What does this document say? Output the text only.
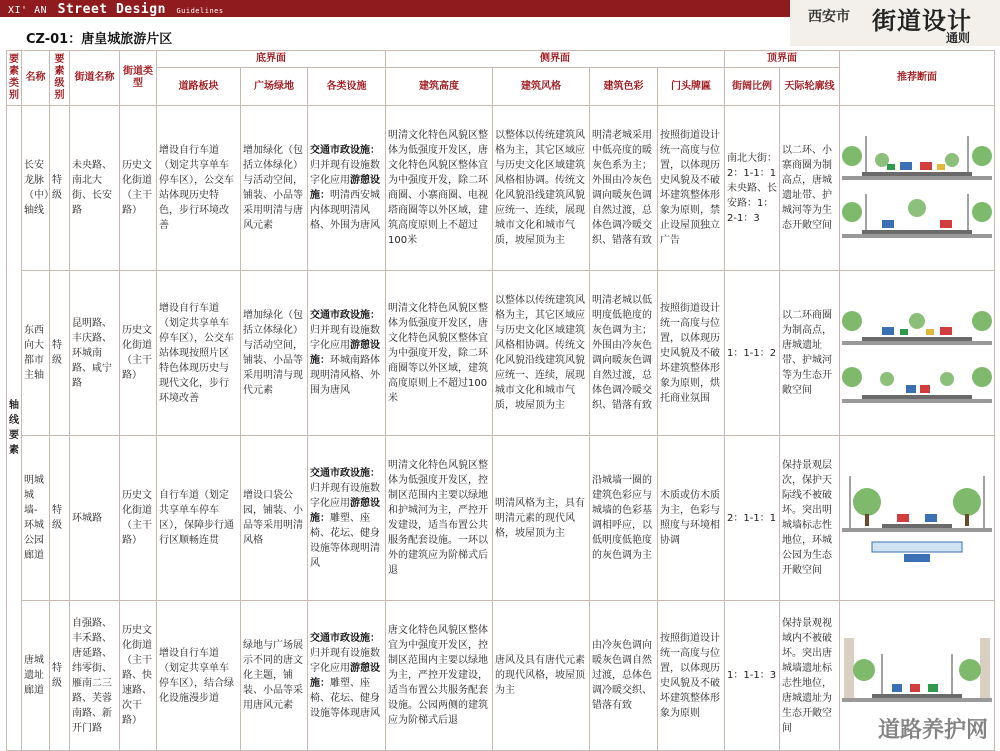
XI' AN Street Design Guidelines	西安市 街道设计
通则
CZ-01：唐皇城旅游片区
要素类别	名称	要素级别	街道名称	街道类型	底界面			侧界面				顶界面		推荐断面
					道路板块	广场绿地	各类设施	建筑高度	建筑风格	建筑色彩	门头牌匾	街阔比例	天际轮廓线	

轴线要素	长安龙脉（中）轴线	特级	未央路、南北大街、长安路	历史文化街道（主干路）	增设自行车道（划定共享单车停车区），公交车站体现历史特色，步行环境改善	增加绿化（包括立体绿化）与活动空间，铺装、小品等采用明清与唐风元素	交通市政设施：归并现有设施数字化应用游憩设施：明清西安城内体现明清风格、外围为唐风	明清文化特色风貌区整体为低强度开发区，唐文化特色风貌区整体宜为中强度开发，除二环商圈、小寨商圈、电视塔商圈等以外区域，建筑高度原则上不超过100米	以整体以传统建筑风格为主，其它区域应与历史文化区域建筑风格相协调。传统文化风貌沿线建筑风貌应统一、连续，展现城市文化和城市气质，坡屋顶为主	明清老城采用中低亮度的暖灰色系为主；外围由冷灰色调向暖灰色调自然过渡，总体色调冷暖交织、错落有致	按照街道设计统一高度与位置，以体现历史风貌及不破坏建筑整体形象为原则，禁止设屋顶独立广告	南北大街：2：1-1：1未央路、长安路：1：2-1：3	以二环、小寨商圈为制高点，唐城遗址带、护城河等为生态开敞空间	
	东西向大都市主轴	特级	昆明路、丰庆路、环城南路、咸宁路	历史文化街道（主干路）	增设自行车道（划定共享单车停车区），公交车站体现按照片区特色体现历史与现代文化，步行环境改善	增加绿化（包括立体绿化）与活动空间，铺装、小品等采用明清与现代元素	交通市政设施：归并现有设施数字化应用游憩设施：环城南路体现明清风格、外围为唐风	明清文化特色风貌区整体为低强度开发区，唐文化特色风貌区整体宜为中强度开发，除二环商圈等以外区域，建筑高度原则上不超过100米	以整体以传统建筑风格为主，其它区域应与历史文化区域建筑风格相协调。传统文化风貌沿线建筑风貌应统一、连续，展现城市文化和城市气质，坡屋顶为主	明清老城以低明度低艳度的灰色调为主；外围由冷灰色调向暖灰色调自然过渡，总体色调冷暖交织、错落有致	按照街道设计统一高度与位置，以体现历史风貌及不破坏建筑整体形象为原则，烘托商业氛围	1：1-1：2	以二环商圈为制高点，唐城遗址带、护城河等为生态开敞空间	
	明城城墙-环城公园廊道	特级	环城路	历史文化街道（主干路）	自行车道（划定共享单车停车区），保障步行通行区顺畅连贯	增设口袋公园，铺装、小品等采用明清风格	交通市政设施：归并现有设施数字化应用游憩设施：雕塑、座椅、花坛、健身设施等体现明清风	明清文化特色风貌区整体为低强度开发区，控制区范围内主要以绿地和护城河为主，严控开发建设，适当布置公共服务配套设施。一环以外的建筑应为阶梯式后退	明清风格为主，具有明清元素的现代风格，坡屋顶为主	沿城墙一圈的建筑色彩应与城墙的色彩基调相呼应，以低明度低艳度的灰色调为主	木质或仿木质为主，色彩与照度与环境相协调	2：1-1：1	保持景观层次，保护天际线不被破坏。突出明城墙标志性地位，环城公园为生态开敞空间	
	唐城遗址廊道	特级	自强路、丰禾路、唐延路、纬零街、雁南二三路、芙蓉南路、新开门路	历史文化街道（主干路、快速路、次干路）	增设自行车道（划定共享单车停车区），结合绿化设施漫步道	绿地与广场展示不同的唐文化主题，铺装、小品等采用唐风元素	交通市政设施：归并现有设施数字化应用游憩设施：雕塑、座椅、花坛、健身设施等体现唐风	唐文化特色风貌区整体宜为中强度开发区，控制区范围内主要以绿地为主，严控开发建设，适当布置公共服务配套设施。公园两侧的建筑应为阶梯式后退	唐风及具有唐代元素的现代风格，坡屋顶为主	由冷灰色调向暖灰色调自然过渡，总体色调冷暖交织、错落有致	按照街道设计统一高度与位置，以体现历史风貌及不破坏建筑整体形象为原则	1：1-1：3	保持景观视域内不被破坏。突出唐城墙遗址标志性地位，唐城遗址为生态开敞空间		道路养护网
